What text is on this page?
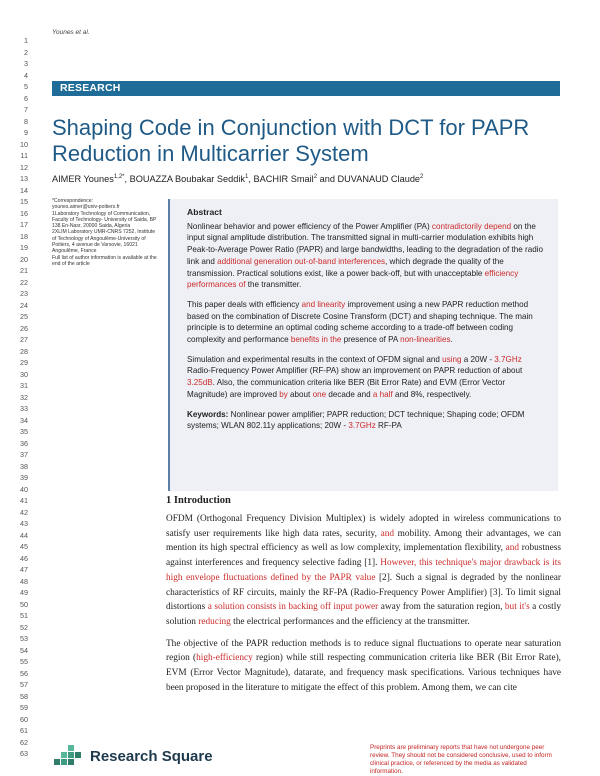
Younes et al.
1
2
3
4
5
6
7
8
9
10
11
12
13
14
15
16
17
18
19
20
21
22
23
24
25
26
27
28
29
30
31
32
33
34
35
36
37
38
39
40
41
42
43
44
45
46
47
48
49
50
51
52
53
54
55
56
57
58
59
60
61
62
63
RESEARCH
Shaping Code in Conjunction with DCT for PAPR Reduction in Multicarrier System
AIMER Younes$^{1,2*}$, BOUAZZA Boubakar Seddik$^1$, BACHIR Smail$^2$ and DUVANAUD Claude$^2$

*Correspondence:

younes.aimer@univ-poitiers.fr

1Laboratory Technology of Communication, Faculty of Technology- University of Saida, BP 138 En-Nasr, 20000 Saida, Algeria

2XLIM Laboratory UMR-CNRS 7252, Institute of Technology of Angoulême-University of Poitiers, 4 avenue de Varsovie, 16021 Angoulême, France

Full list of author information is available at the end of the article

Abstract

Nonlinear behavior and power efficiency of the Power Amplifier (PA) contradictorily depend on the input signal amplitude distribution. The transmitted signal in multi-carrier modulation exhibits high Peak-to-Average Power Ratio (PAPR) and large bandwidths, leading to the degradation of the radio link and additional generation out-of-band interferences, which degrade the quality of the transmission. Practical solutions exist, like a power back-off, but with unacceptable efficiency performances of the transmitter.

This paper deals with efficiency and linearity improvement using a new PAPR reduction method based on the combination of Discrete Cosine Transform (DCT) and shaping technique. The main principle is to determine an optimal coding scheme according to a trade-off between coding complexity and performance benefits in the presence of PA non-linearities.

Simulation and experimental results in the context of OFDM signal and using a 20W - 3.7GHz Radio-Frequency Power Amplifier (RF-PA) show an improvement on PAPR reduction of about 3.25dB. Also, the communication criteria like BER (Bit Error Rate) and EVM (Error Vector Magnitude) are improved by about one decade and a half and 8%, respectively.

Keywords: Nonlinear power amplifier; PAPR reduction; DCT technique; Shaping code; OFDM systems; WLAN 802.11y applications; 20W - 3.7GHz RF-PA

1 Introduction

OFDM (Orthogonal Frequency Division Multiplex) is widely adopted in wireless communications to satisfy user requirements like high data rates, security, and mobility. Among their advantages, we can mention its high spectral efficiency as well as low complexity, implementation flexibility, and robustness against interferences and frequency selective fading [1]. However, this technique's major drawback is its high envelope fluctuations defined by the PAPR value [2]. Such a signal is degraded by the nonlinear characteristics of RF circuits, mainly the RF-PA (Radio-Frequency Power Amplifier) [3]. To limit signal distortions a solution consists in backing off input power away from the saturation region, but it's a costly solution reducing the electrical performances and the efficiency at the transmitter.

The objective of the PAPR reduction methods is to reduce signal fluctuations to operate near saturation region (high-efficiency region) while still respecting communication criteria like BER (Bit Error Rate), EVM (Error Vector Magnitude), datarate, and frequency mask specifications. Various techniques have been proposed in the literature to mitigate the effect of this problem. Among them, we can cite

Research Square
Preprints are preliminary reports that have not undergone peer review. They should not be considered conclusive, used to inform clinical practice, or referenced by the media as validated information.
